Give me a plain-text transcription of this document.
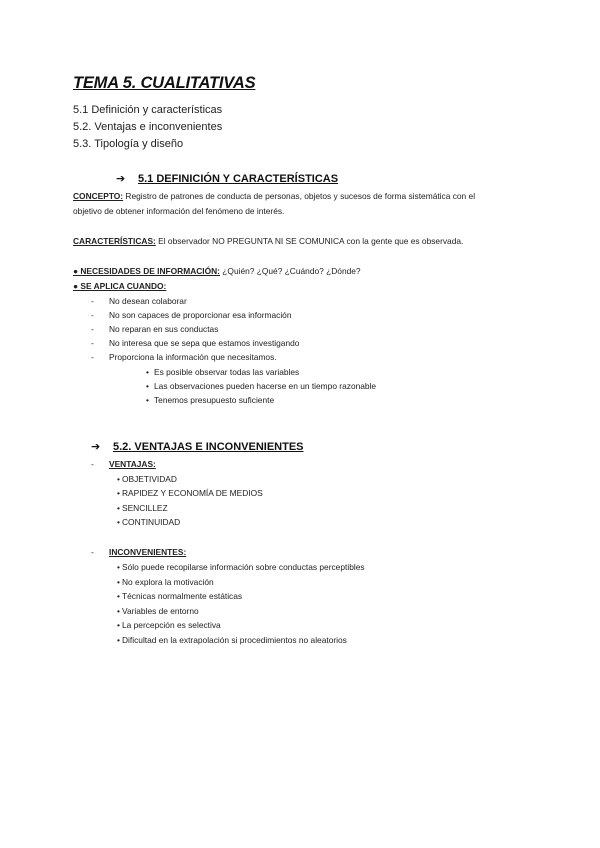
TEMA 5. CUALITATIVAS
5.1 Definición y características
5.2. Ventajas e inconvenientes
5.3. Tipología y diseño
➔ 5.1 DEFINICIÓN Y CARACTERÍSTICAS
CONCEPTO: Registro de patrones de conducta de personas, objetos y sucesos de forma sistemática con el
objetivo de obtener información del fenómeno de interés.
CARACTERÍSTICAS: El observador NO PREGUNTA NI SE COMUNICA con la gente que es observada.
● NECESIDADES DE INFORMACIÓN: ¿Quién? ¿Qué? ¿Cuándo? ¿Dónde?
● SE APLICA CUANDO:
- No desean colaborar
- No son capaces de proporcionar esa información
- No reparan en sus conductas
- No interesa que se sepa que estamos investigando
- Proporciona la información que necesitamos.
• Es posible observar todas las variables
• Las observaciones pueden hacerse en un tiempo razonable
• Tenemos presupuesto suficiente
➔ 5.2. VENTAJAS E INCONVENIENTES
- VENTAJAS:
• OBJETIVIDAD
• RAPIDEZ Y ECONOMÍA DE MEDIOS
• SENCILLEZ
• CONTINUIDAD
- INCONVENIENTES:
• Sólo puede recopilarse información sobre conductas perceptibles
• No explora la motivación
• Técnicas normalmente estáticas
• Variables de entorno
• La percepción es selectiva
• Dificultad en la extrapolación si procedimientos no aleatorios
